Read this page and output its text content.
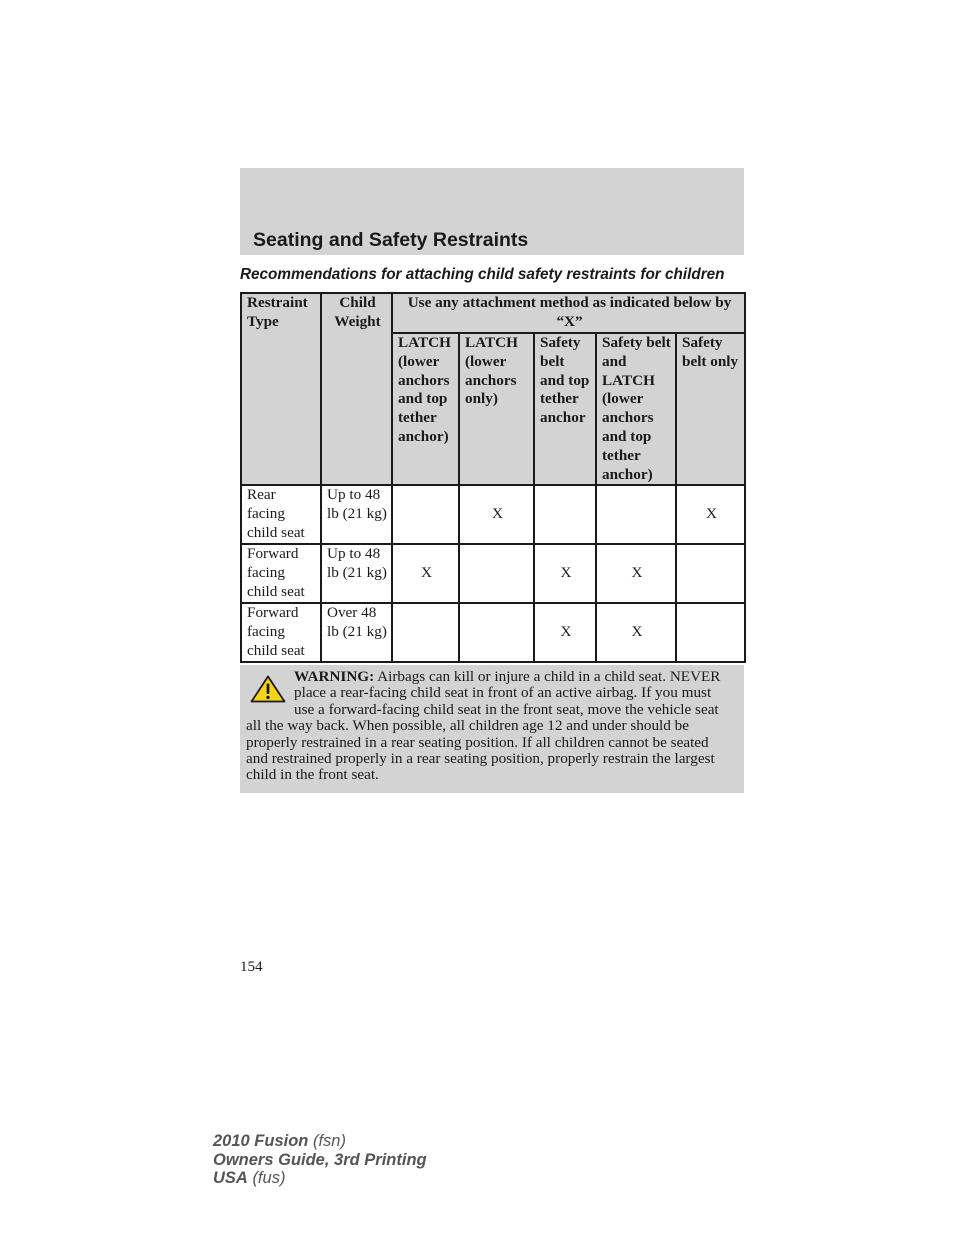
Seating and Safety Restraints
Recommendations for attaching child safety restraints for children
Restraint Type	Child Weight	Use any attachment method as indicated below by “X”				
		LATCH (lower anchors and top tether anchor)	LATCH (lower anchors only)	Safety belt and top tether anchor	Safety belt and LATCH (lower anchors and top tether anchor)	Safety belt only
Rear facing child seat	Up to 48 lb (21 kg)		X			X
Forward facing child seat	Up to 48 lb (21 kg)	X		X	X	
Forward facing child seat	Over 48 lb (21 kg)			X	X	
WARNING: Airbags can kill or injure a child in a child seat. NEVER place a rear-facing child seat in front of an active airbag. If you must use a forward-facing child seat in the front seat, move the vehicle seat all the way back. When possible, all children age 12 and under should be properly restrained in a rear seating position. If all children cannot be seated and restrained properly in a rear seating position, properly restrain the largest child in the front seat.
154
2010 Fusion (fsn)
Owners Guide, 3rd Printing
USA (fus)
